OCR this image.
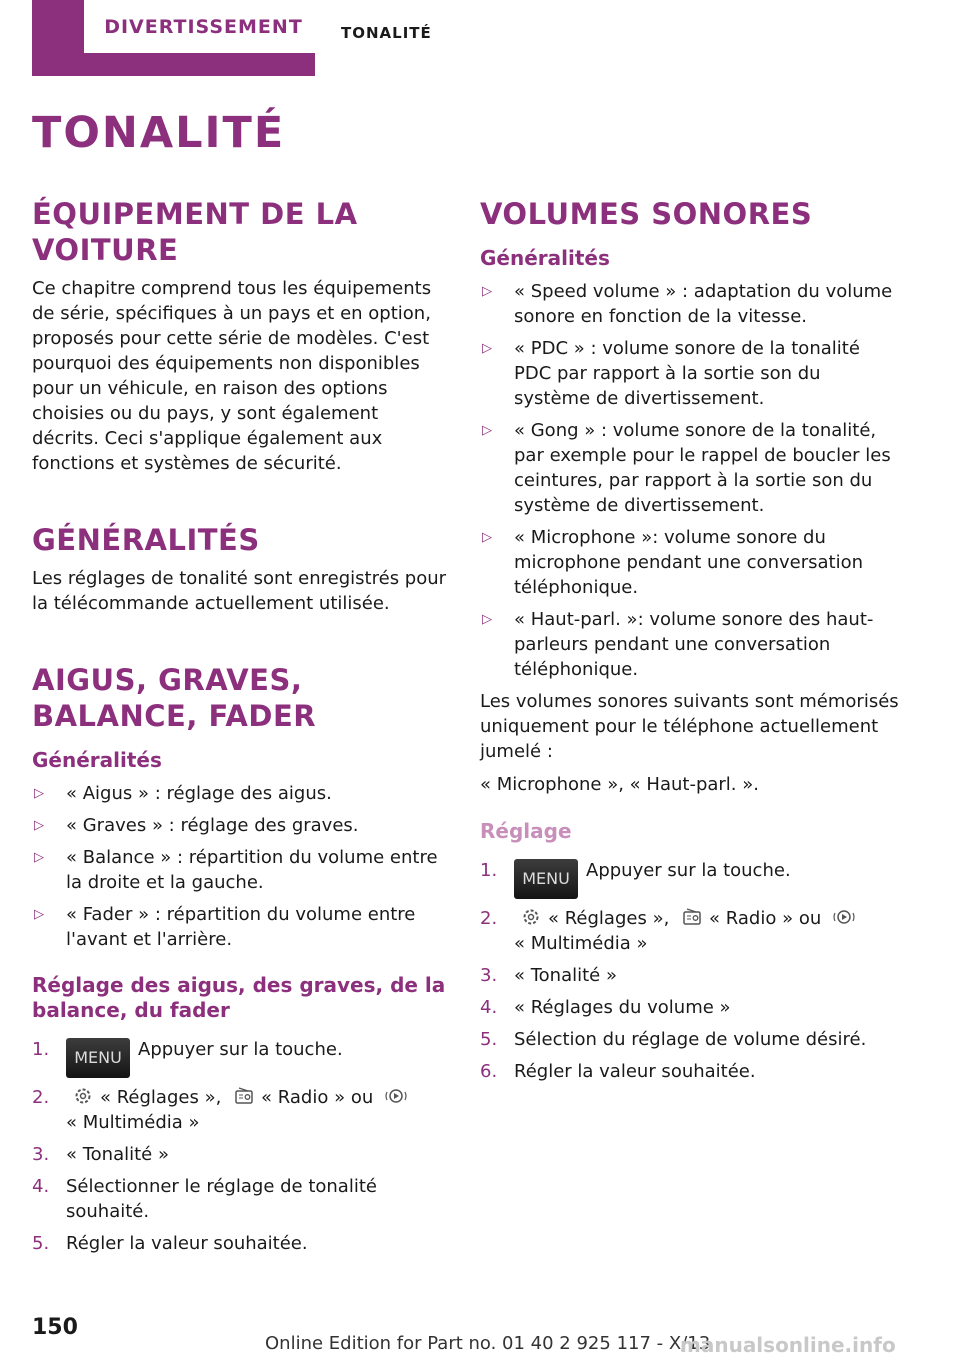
DIVERTISSEMENT	TONALITÉ
TONALITÉ
ÉQUIPEMENT DE LA VOITURE

Ce chapitre comprend tous les équipements de série, spécifiques à un pays et en option, proposés pour cette série de modèles. C'est pourquoi des équipements non disponibles pour un véhicule, en raison des options choisies ou du pays, y sont également décrits. Ceci s'applique également aux fonctions et systèmes de sécurité.

GÉNÉRALITÉS

Les réglages de tonalité sont enregistrés pour la télécommande actuellement utilisée.

AIGUS, GRAVES, BALANCE, FADER
Généralités
▷ « Aigus » : réglage des aigus.
▷ « Graves » : réglage des graves.
▷ « Balance » : répartition du volume entre la droite et la gauche.
▷ « Fader » : répartition du volume entre l'avant et l'arrière.
Réglage des aigus, des graves, de la balance, du fader
1. MENU Appuyer sur la touche.
2.	« Réglages », « Radio » ou
« Multimédia »
3. « Tonalité »
4. Sélectionner le réglage de tonalité souhaité.
5. Régler la valeur souhaitée.
VOLUMES SONORES
Généralités
▷ « Speed volume » : adaptation du volume sonore en fonction de la vitesse.
▷ « PDC » : volume sonore de la tonalité PDC par rapport à la sortie son du système de divertissement.
▷ « Gong » : volume sonore de la tonalité, par exemple pour le rappel de boucler les ceintures, par rapport à la sortie son du système de divertissement.
▷ « Microphone »: volume sonore du microphone pendant une conversation téléphonique.
▷ « Haut-parl. »: volume sonore des haut-parleurs pendant une conversation téléphonique.

Les volumes sonores suivants sont mémorisés uniquement pour le téléphone actuellement jumelé :

« Microphone », « Haut-parl. ».

Réglage
1. MENU Appuyer sur la touche.
2.	« Réglages », « Radio » ou
« Multimédia »
3. « Tonalité »
4. « Réglages du volume »
5. Sélection du réglage de volume désiré.
6. Régler la valeur souhaitée.
150
Online Edition for Part no. 01 40 2 925 117 - X/13
manualsonline.info
